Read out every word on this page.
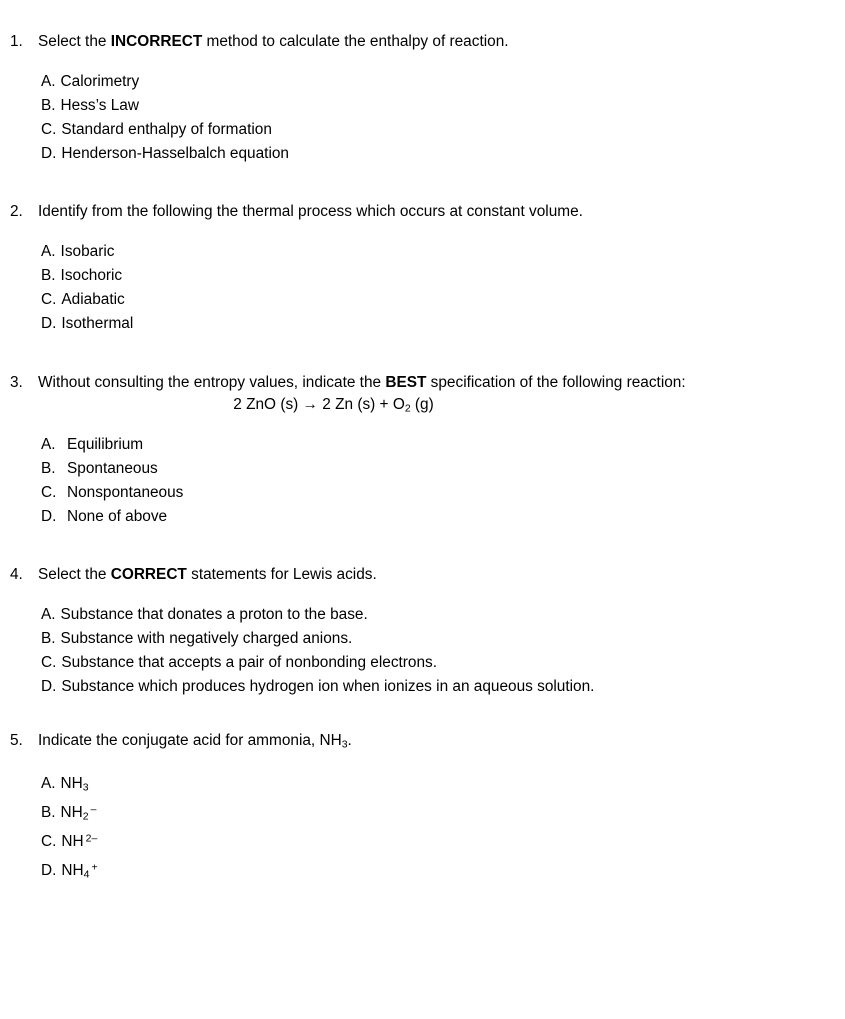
1. Select the INCORRECT method to calculate the enthalpy of reaction.
A. Calorimetry
B. Hess’s Law
C. Standard enthalpy of formation
D. Henderson-Hasselbalch equation
2. Identify from the following the thermal process which occurs at constant volume.
A. Isobaric
B. Isochoric
C. Adiabatic
D. Isothermal
3. Without consulting the entropy values, indicate the BEST specification of the following reaction:
2 ZnO (s) → 2 Zn $(s) + O_2$ (g)
A. Equilibrium
B. Spontaneous
C. Nonspontaneous
D. None of above
4. Select the CORRECT statements for Lewis acids.
A. Substance that donates a proton to the base.
B. Substance with negatively charged anions.
C. Substance that accepts a pair of nonbonding electrons.
D. Substance which produces hydrogen ion when ionizes in an aqueous solution.
5. Indicate the conjugate acid for ammonia, $NH_3$.
A. $NH_3$
B. $NH_2^-$
C. NH $^{2-}$
D. $NH_4^+$
